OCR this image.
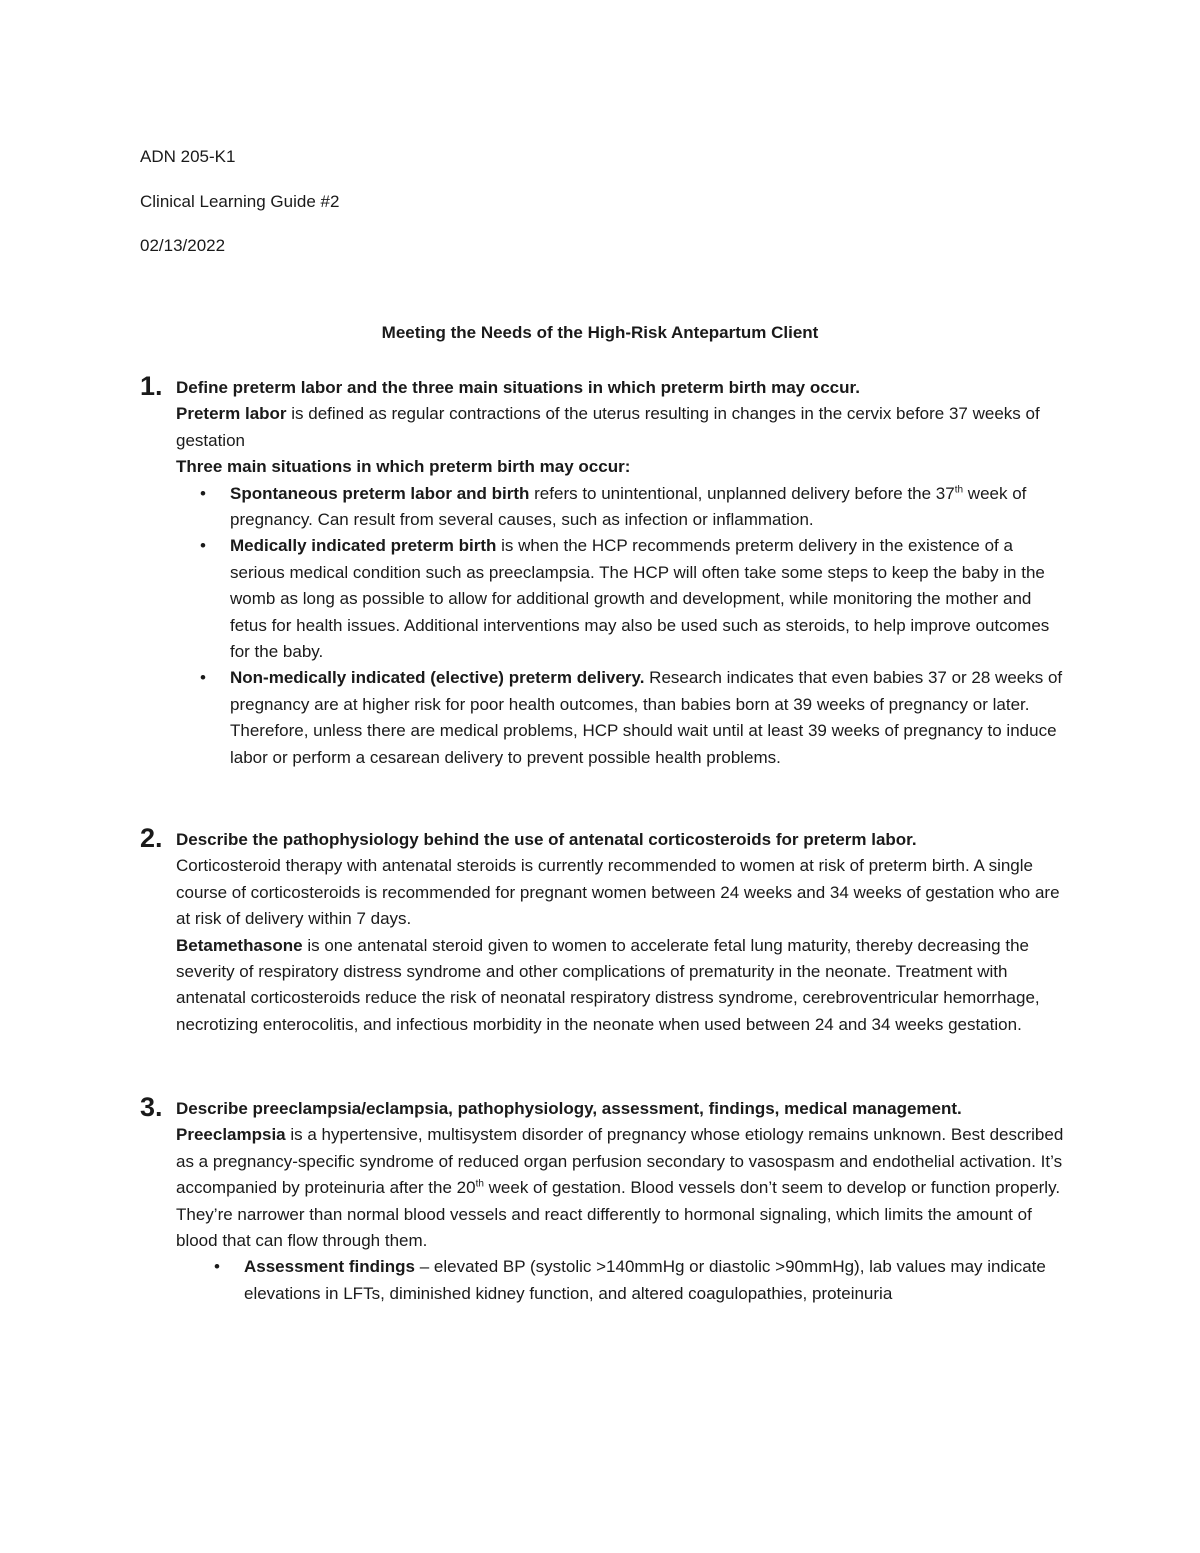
ADN 205-K1
Clinical Learning Guide #2
02/13/2022
Meeting the Needs of the High-Risk Antepartum Client
1. Define preterm labor and the three main situations in which preterm birth may occur.

Preterm labor is defined as regular contractions of the uterus resulting in changes in the cervix before 37 weeks of gestation

Three main situations in which preterm birth may occur:

• Spontaneous preterm labor and birth refers to unintentional, unplanned delivery before the 37th week of pregnancy. Can result from several causes, such as infection or inflammation.
• Medically indicated preterm birth is when the HCP recommends preterm delivery in the existence of a serious medical condition such as preeclampsia. The HCP will often take some steps to keep the baby in the womb as long as possible to allow for additional growth and development, while monitoring the mother and fetus for health issues. Additional interventions may also be used such as steroids, to help improve outcomes for the baby.
• Non-medically indicated (elective) preterm delivery. Research indicates that even babies 37 or 28 weeks of pregnancy are at higher risk for poor health outcomes, than babies born at 39 weeks of pregnancy or later. Therefore, unless there are medical problems, HCP should wait until at least 39 weeks of pregnancy to induce labor or perform a cesarean delivery to prevent possible health problems.
2. Describe the pathophysiology behind the use of antenatal corticosteroids for preterm labor.

Corticosteroid therapy with antenatal steroids is currently recommended to women at risk of preterm birth. A single course of corticosteroids is recommended for pregnant women between 24 weeks and 34 weeks of gestation who are at risk of delivery within 7 days.

Betamethasone is one antenatal steroid given to women to accelerate fetal lung maturity, thereby decreasing the severity of respiratory distress syndrome and other complications of prematurity in the neonate. Treatment with antenatal corticosteroids reduce the risk of neonatal respiratory distress syndrome, cerebroventricular hemorrhage, necrotizing enterocolitis, and infectious morbidity in the neonate when used between 24 and 34 weeks gestation.

3. Describe preeclampsia/eclampsia, pathophysiology, assessment, findings, medical management.

Preeclampsia is a hypertensive, multisystem disorder of pregnancy whose etiology remains unknown. Best described as a pregnancy-specific syndrome of reduced organ perfusion secondary to vasospasm and endothelial activation. It’s accompanied by proteinuria after the 20th week of gestation. Blood vessels don’t seem to develop or function properly. They’re narrower than normal blood vessels and react differently to hormonal signaling, which limits the amount of blood that can flow through them.

• Assessment findings – elevated BP (systolic >140mmHg or diastolic >90mmHg), lab values may indicate elevations in LFTs, diminished kidney function, and altered coagulopathies, proteinuria
